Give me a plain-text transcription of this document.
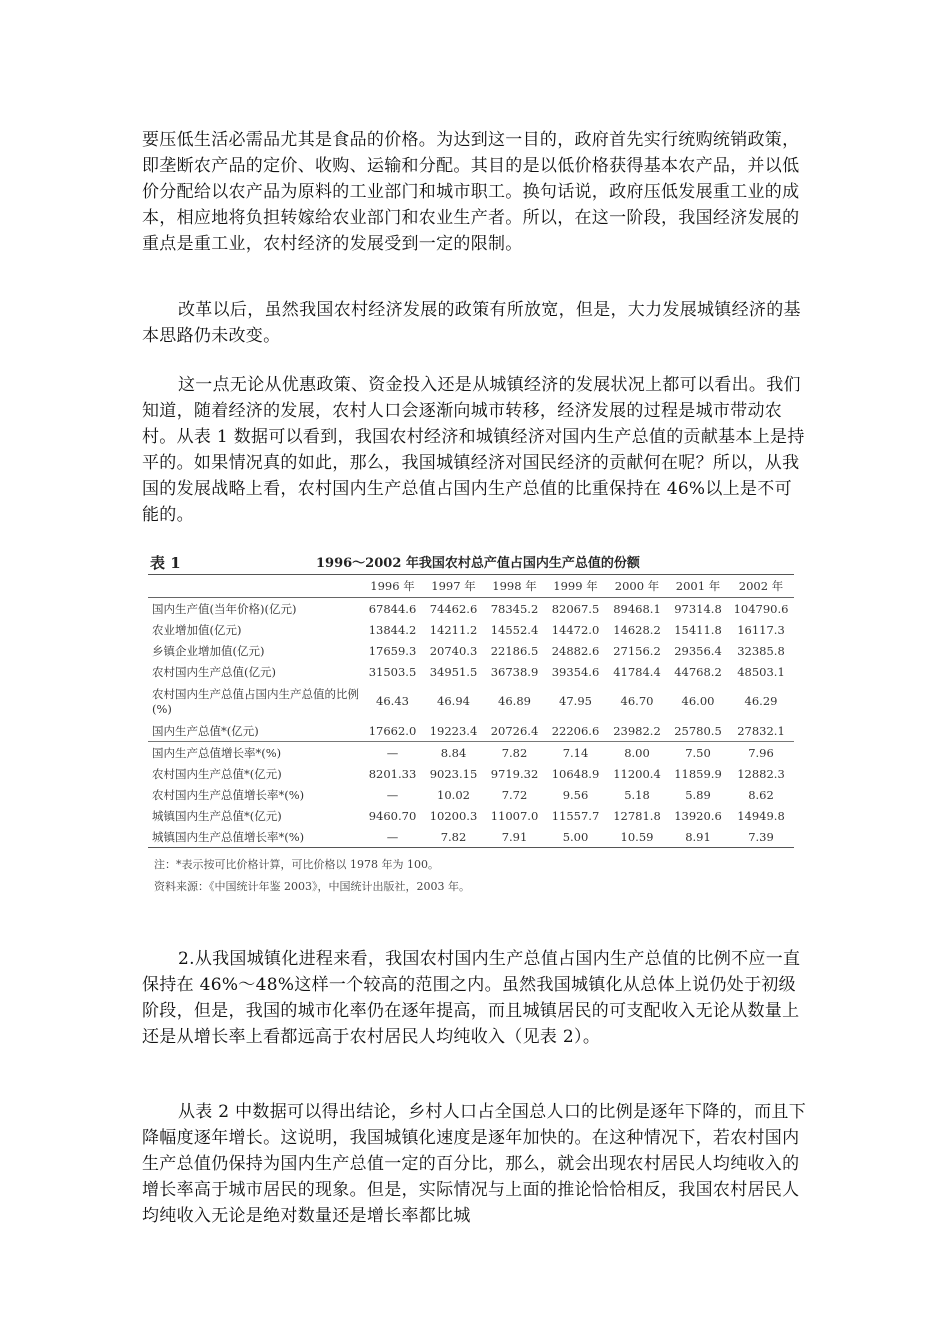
要压低生活必需品尤其是食品的价格。为达到这一目的，政府首先实行统购统销政策，即垄断农产品的定价、收购、运输和分配。其目的是以低价格获得基本农产品，并以低价分配给以农产品为原料的工业部门和城市职工。换句话说，政府压低发展重工业的成本，相应地将负担转嫁给农业部门和农业生产者。所以，在这一阶段，我国经济发展的重点是重工业，农村经济的发展受到一定的限制。

改革以后，虽然我国农村经济发展的政策有所放宽，但是，大力发展城镇经济的基本思路仍未改变。

这一点无论从优惠政策、资金投入还是从城镇经济的发展状况上都可以看出。我们知道，随着经济的发展，农村人口会逐渐向城市转移，经济发展的过程是城市带动农村。从表 1 数据可以看到，我国农村经济和城镇经济对国内生产总值的贡献基本上是持平的。如果情况真的如此，那么，我国城镇经济对国民经济的贡献何在呢？所以，从我国的发展战略上看，农村国内生产总值占国内生产总值的比重保持在 46%以上是不可能的。

表 1	1996～2002 年我国农村总产值占国内生产总值的份额
	1996 年	1997 年	1998 年	1999 年	2000 年	2001 年	2002 年
国内生产值(当年价格)(亿元)	67844.6	74462.6	78345.2	82067.5	89468.1	97314.8	104790.6
农业增加值(亿元)	13844.2	14211.2	14552.4	14472.0	14628.2	15411.8	16117.3
乡镇企业增加值(亿元)	17659.3	20740.3	22186.5	24882.6	27156.2	29356.4	32385.8
农村国内生产总值(亿元)	31503.5	34951.5	36738.9	39354.6	41784.4	44768.2	48503.1
农村国内生产总值占国内生产总值的比例(%)	46.43	46.94	46.89	47.95	46.70	46.00	46.29
国内生产总值*(亿元)	17662.0	19223.4	20726.4	22206.6	23982.2	25780.5	27832.1
国内生产总值增长率*(%)	—	8.84	7.82	7.14	8.00	7.50	7.96
农村国内生产总值*(亿元)	8201.33	9023.15	9719.32	10648.9	11200.4	11859.9	12882.3
农村国内生产总值增长率*(%)	—	10.02	7.72	9.56	5.18	5.89	8.62
城镇国内生产总值*(亿元)	9460.70	10200.3	11007.0	11557.7	12781.8	13920.6	14949.8
城镇国内生产总值增长率*(%)	—	7.82	7.91	5.00	10.59	8.91	7.39
注：*表示按可比价格计算，可比价格以 1978 年为 100。
资料来源：《中国统计年鉴 2003》，中国统计出版社，2003 年。

2.从我国城镇化进程来看，我国农村国内生产总值占国内生产总值的比例不应一直保持在 46%～48%这样一个较高的范围之内。虽然我国城镇化从总体上说仍处于初级阶段，但是，我国的城市化率仍在逐年提高，而且城镇居民的可支配收入无论从数量上还是从增长率上看都远高于农村居民人均纯收入（见表 2）。

从表 2 中数据可以得出结论，乡村人口占全国总人口的比例是逐年下降的，而且下降幅度逐年增长。这说明，我国城镇化速度是逐年加快的。在这种情况下，若农村国内生产总值仍保持为国内生产总值一定的百分比，那么，就会出现农村居民人均纯收入的增长率高于城市居民的现象。但是，实际情况与上面的推论恰恰相反，我国农村居民人均纯收入无论是绝对数量还是增长率都比城
